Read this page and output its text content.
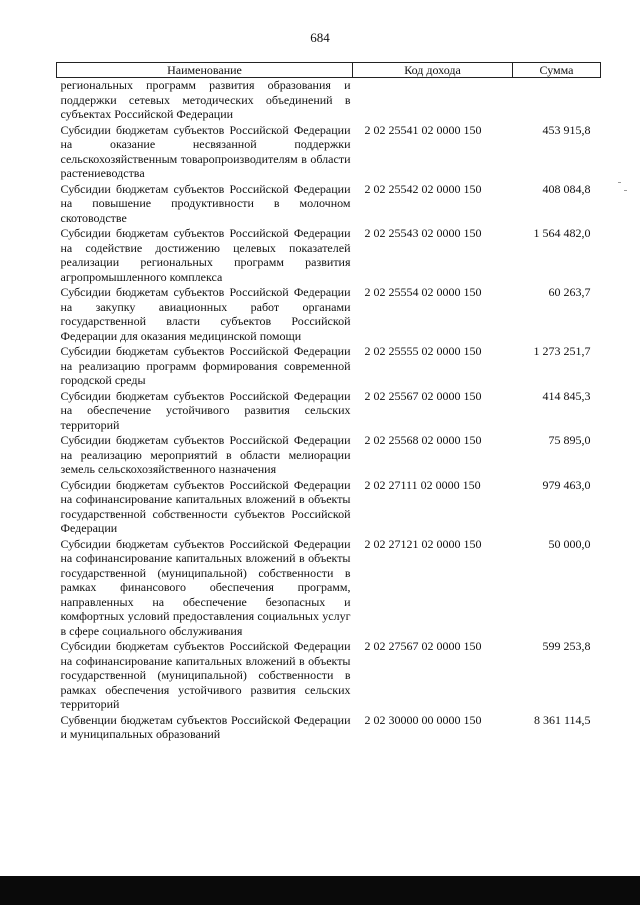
684
Наименование	Код дохода	Сумма

региональных программ развития образования и поддержки сетевых методических объединений в субъектах Российской Федерации		

Субсидии бюджетам субъектов Российской Федерации на оказание несвязанной поддержки сельскохозяйственным товаропроизводителям в области растениеводства	2 02 25541 02 0000 150	453 915,8

Субсидии бюджетам субъектов Российской Федерации на повышение продуктивности в молочном скотоводстве	2 02 25542 02 0000 150	408 084,8

Субсидии бюджетам субъектов Российской Федерации на содействие достижению целевых показателей реализации региональных программ развития агропромышленного комплекса	2 02 25543 02 0000 150	1 564 482,0

Субсидии бюджетам субъектов Российской Федерации на закупку авиационных работ органами государственной власти субъектов Российской Федерации для оказания медицинской помощи	2 02 25554 02 0000 150	60 263,7

Субсидии бюджетам субъектов Российской Федерации на реализацию программ формирования современной городской среды	2 02 25555 02 0000 150	1 273 251,7

Субсидии бюджетам субъектов Российской Федерации на обеспечение устойчивого развития сельских территорий	2 02 25567 02 0000 150	414 845,3

Субсидии бюджетам субъектов Российской Федерации на реализацию мероприятий в области мелиорации земель сельскохозяйственного назначения	2 02 25568 02 0000 150	75 895,0

Субсидии бюджетам субъектов Российской Федерации на софинансирование капитальных вложений в объекты государственной собственности субъектов Российской Федерации	2 02 27111 02 0000 150	979 463,0

Субсидии бюджетам субъектов Российской Федерации на софинансирование капитальных вложений в объекты государственной (муниципальной) собственности в рамках финансового обеспечения программ, направленных на обеспечение безопасных и комфортных условий предоставления социальных услуг в сфере социального обслуживания	2 02 27121 02 0000 150	50 000,0

Субсидии бюджетам субъектов Российской Федерации на софинансирование капитальных вложений в объекты государственной (муниципальной) собственности в рамках обеспечения устойчивого развития сельских территорий	2 02 27567 02 0000 150	599 253,8

Субвенции бюджетам субъектов Российской Федерации и муниципальных образований	2 02 30000 00 0000 150	8 361 114,5
